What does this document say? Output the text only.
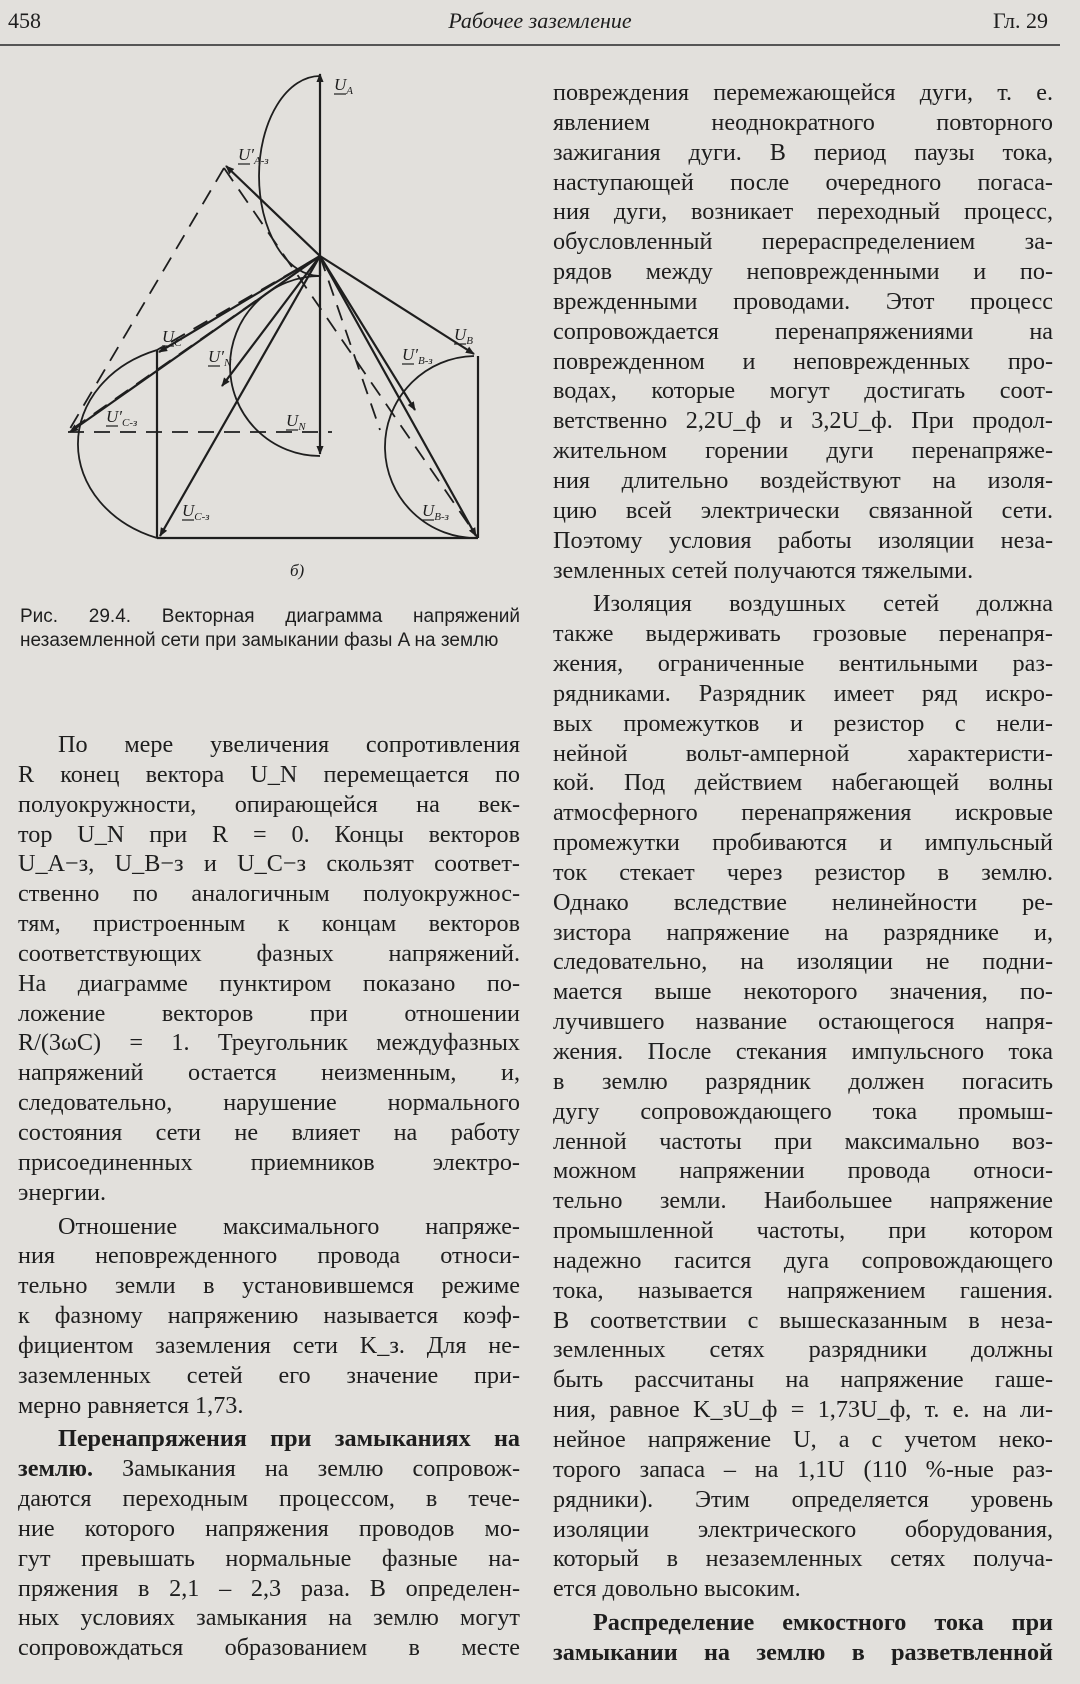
458	Рабочее заземление	Гл. 29
$U_A$
$U'_{A-з}$
$U_C$	$U_B$
$U'_N$	$U'_{B-з}$
$U_N$
$U'_{C-з}$
$U_{C-з}$	$U_{B-з}$
б)
Рис. 29.4. Векторная диаграмма напряжений незаземленной сети при замыкании фазы A на землю

По мере увеличения сопротивления

R конец вектора U_N перемещается по

полуокружности, опирающейся на век-

тор U_N при R = 0. Концы векторов

U_A−з, U_B−з и U_C−з скользят соответ-

ственно по аналогичным полуокружнос-

тям, пристроенным к концам векторов

соответствующих фазных напряжений.

На диаграмме пунктиром показано по-

ложение векторов при отношении

R/(3ωC) = 1. Треугольник междуфазных

напряжений остается неизменным, и,

следовательно, нарушение нормального

состояния сети не влияет на работу

присоединенных приемников электро-

энергии.

Отношение максимального напряже-

ния неповрежденного провода относи-

тельно земли в установившемся режиме

к фазному напряжению называется коэф-

фициентом заземления сети K_з. Для не-

заземленных сетей его значение при-

мерно равняется 1,73.

Перенапряжения при замыканиях на

землю. Замыкания на землю сопровож-

даются переходным процессом, в тече-

ние которого напряжения проводов мо-

гут превышать нормальные фазные на-

пряжения в 2,1 – 2,3 раза. В определен-

ных условиях замыкания на землю могут

сопровождаться образованием в месте

повреждения перемежающейся дуги, т. е.

явлением неоднократного повторного

зажигания дуги. В период паузы тока,

наступающей после очередного погаса-

ния дуги, возникает переходный процесс,

обусловленный перераспределением за-

рядов между неповрежденными и по-

врежденными проводами. Этот процесс

сопровождается перенапряжениями на

поврежденном и неповрежденных про-

водах, которые могут достигать соот-

ветственно 2,2U_ф и 3,2U_ф. При продол-

жительном горении дуги перенапряже-

ния длительно воздействуют на изоля-

цию всей электрически связанной сети.

Поэтому условия работы изоляции неза-

земленных сетей получаются тяжелыми.

Изоляция воздушных сетей должна

также выдерживать грозовые перенапря-

жения, ограниченные вентильными раз-

рядниками. Разрядник имеет ряд искро-

вых промежутков и резистор с нели-

нейной вольт-амперной характеристи-

кой. Под действием набегающей волны

атмосферного перенапряжения искровые

промежутки пробиваются и импульсный

ток стекает через резистор в землю.

Однако вследствие нелинейности ре-

зистора напряжение на разряднике и,

следовательно, на изоляции не подни-

мается выше некоторого значения, по-

лучившего название остающегося напря-

жения. После стекания импульсного тока

в землю разрядник должен погасить

дугу сопровождающего тока промыш-

ленной частоты при максимально воз-

можном напряжении провода относи-

тельно земли. Наибольшее напряжение

промышленной частоты, при котором

надежно гасится дуга сопровождающего

тока, называется напряжением гашения.

В соответствии с вышесказанным в неза-

земленных сетях разрядники должны

быть рассчитаны на напряжение гаше-

ния, равное K_зU_ф = 1,73U_ф, т. е. на ли-

нейное напряжение U, а с учетом неко-

торого запаса – на 1,1U (110 %-ные раз-

рядники). Этим определяется уровень

изоляции электрического оборудования,

который в незаземленных сетях получа-

ется довольно высоким.

Распределение емкостного тока при

замыкании на землю в разветвленной
